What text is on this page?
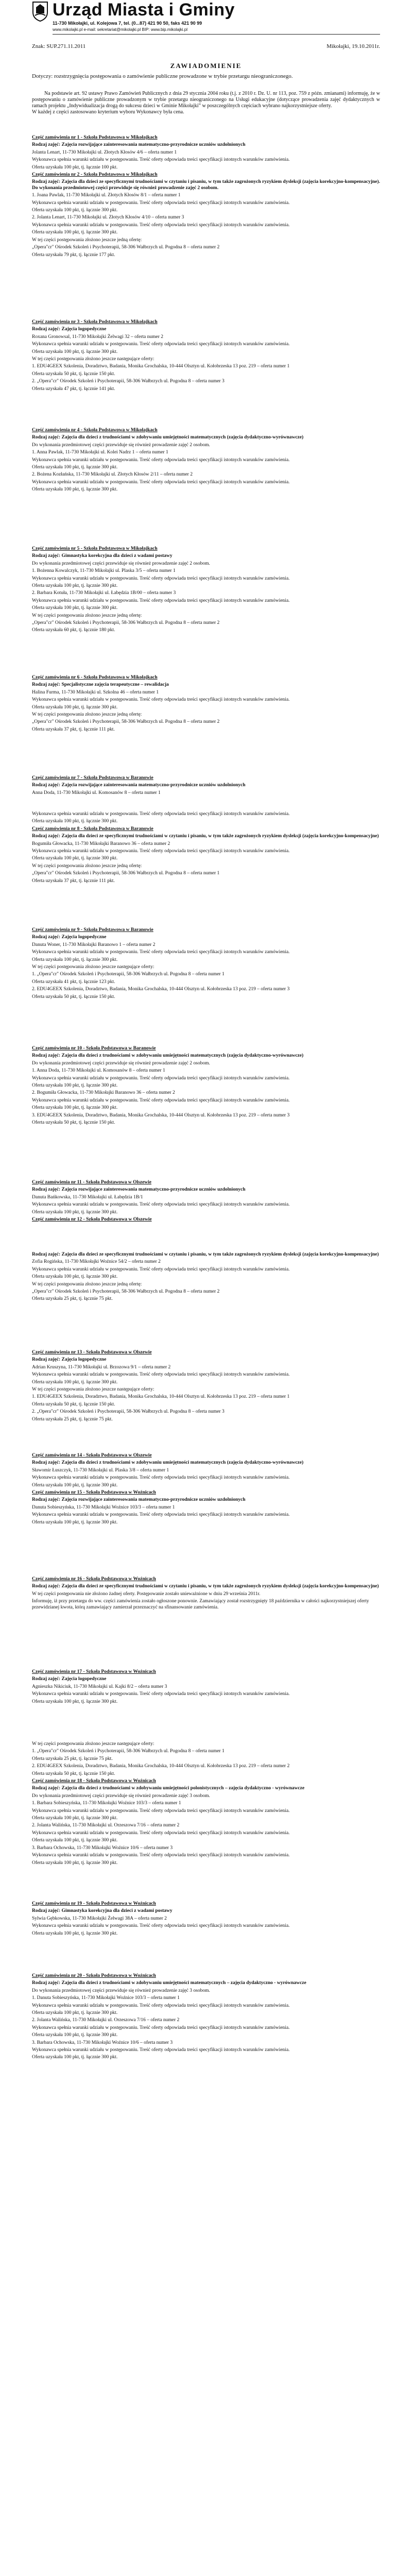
Urząd Miasta i Gminy
11-730 Mikołajki, ul. Kolejowa 7, tel. (0...87) 421 90 50, faks 421 90 99
www.mikolajki.pl e-mail: sekretariat@mikolajki.pl BIP: www.bip.mikolajki.pl
Znak: SUP.271.11.2011	Mikołajki, 19.10.2011r.
ZAWIADOMIENIE
Dotyczy: rozstrzygnięcia postępowania o zamówienie publiczne prowadzone w trybie przetargu nieograniczonego.
Na podstawie art. 92 ustawy Prawo Zamówień Publicznych z dnia 29 stycznia 2004 roku (t.j. z 2010 r. Dz. U. nr 113, poz. 759 z późn. zmianami) informuję, że w postępowaniu o zamówienie publiczne prowadzonym w trybie przetargu nieograniczonego na Usługi edukacyjne (dotyczące prowadzenia zajęć dydaktycznych w ramach projektu „Indywidualizacja drogą do sukcesu dzieci w Gminie Mikołajki” w poszczególnych częściach wybrano najkorzystniejsze oferty.
W każdej z części zastosowano kryterium wyboru Wykonawcy była cena.

Część zamówienia nr 1 - Szkoła Podstawowa w Mikołajkach

Rodzaj zajęć: Zajęcia rozwijające zainteresowania matematyczno-przyrodnicze uczniów uzdolnionych

Jolanta Lenart, 11-730 Mikołajki ul. Złotych Kłosów 4/6 – oferta numer 1

Wykonawca spełnia warunki udziału w postępowaniu. Treść oferty odpowiada treści specyfikacji istotnych warunków zamówienia.

Oferta uzyskała 100 pkt, tj. łącznie 100 pkt.

Część zamówienia nr 2 - Szkoła Podstawowa w Mikołajkach

Rodzaj zajęć: Zajęcia dla dzieci ze specyficznymi trudnościami w czytaniu i pisaniu, w tym także zagrożonych ryzykiem dysleksji (zajęcia korekcyjno-kompensacyjne). Do wykonania przedmiotowej części przewiduje się również prowadzenie zajęć 2 osobom.

1. Joana Pawlak, 11-730 Mikołajki ul. Złotych Kłosów 8/1 – oferta numer 1

Wykonawca spełnia warunki udziału w postępowaniu. Treść oferty odpowiada treści specyfikacji istotnych warunków zamówienia.

Oferta uzyskała 100 pkt, tj. łącznie 300 pkt.

2. Jolanta Lenart, 11-730 Mikołajki ul. Złotych Kłosów 4/10 – oferta numer 3

Wykonawca spełnia warunki udziału w postępowaniu. Treść oferty odpowiada treści specyfikacji istotnych warunków zamówienia.

Oferta uzyskała 100 pkt, tj. łącznie 300 pkt.

W tej części postępowania złożono jeszcze jedną ofertę:

„Opera"cr" Ośrodek Szkoleń i Psychoterapii, 58-306 Wałbrzych ul. Pogodna 8 – oferta numer 2

Oferta uzyskała 79 pkt, tj. łącznie 177 pkt.

Część zamówienia nr 3 - Szkoła Podstawowa w Mikołajkach

Rodzaj zajęć: Zajęcia logopedyczne

Roxana Gronowsal, 11-730 Mikołajki Żelwagi 32 – oferta numer 2

Wykonawca spełnia warunki udziału w postępowaniu. Treść oferty odpowiada treści specyfikacji istotnych warunków zamówienia.

Oferta uzyskała 100 pkt, tj. łącznie 300 pkt.

W tej części postępowania złożono jeszcze następujące oferty:

1. EDU4GEEX Szkolenia, Doradztwo, Badania, Monika Grochalska, 10-444 Olsztyn ul. Kołobrzeska 13 poz. 219 – oferta numer 1

Oferta uzyskała 50 pkt, tj. łącznie 150 pkt.

2. „Opera"cr" Ośrodek Szkoleń i Psychoterapii, 58-306 Wałbrzych ul. Pogodna 8 – oferta numer 3

Oferta uzyskała 47 pkt, tj. łącznie 141 pkt.

Część zamówienia nr 4 - Szkoła Podstawowa w Mikołajkach

Rodzaj zajęć: Zajęcia dla dzieci z trudnościami w zdobywaniu umiejętności matematycznych (zajęcia dydaktyczno-wyrównawcze)

Do wykonania przedmiotowej części przewiduje się również prowadzenie zajęć 2 osobom.

1. Anna Pawlak, 11-730 Mikołajki ul. Kolei Nadrz 1 – oferta numer 1

Wykonawca spełnia warunki udziału w postępowaniu. Treść oferty odpowiada treści specyfikacji istotnych warunków zamówienia.

Oferta uzyskała 100 pkt, tj. łącznie 300 pkt.

2. Bożena Kozłańska, 11-730 Mikołajki ul. Złotych Kłosów 2/11 – oferta numer 2

Wykonawca spełnia warunki udziału w postępowaniu. Treść oferty odpowiada treści specyfikacji istotnych warunków zamówienia.

Oferta uzyskała 100 pkt, tj. łącznie 300 pkt.

Część zamówienia nr 5 - Szkoła Podstawowa w Mikołajkach

Rodzaj zajęć: Gimnastyka korekcyjna dla dzieci z wadami postawy

Do wykonania przedmiotowej części przewiduje się również prowadzenie zajęć 2 osobom.

1. Bożenna Kowalczyk, 11-730 Mikołajki ul. Plaska 3/5 – oferta numer 1

Wykonawca spełnia warunki udziału w postępowaniu. Treść oferty odpowiada treści specyfikacji istotnych warunków zamówienia.

Oferta uzyskała 100 pkt, tj. łącznie 300 pkt.

2. Barbara Kotuła, 11-730 Mikołajki ul. Łabędzia 1B/00 – oferta numer 3

Wykonawca spełnia warunki udziału w postępowaniu. Treść oferty odpowiada treści specyfikacji istotnych warunków zamówienia.

Oferta uzyskała 100 pkt, tj. łącznie 300 pkt.

W tej części postępowania złożono jeszcze jedną ofertę:

„Opera"cr" Ośrodek Szkoleń i Psychoterapii, 58-306 Wałbrzych ul. Pogodna 8 – oferta numer 2

Oferta uzyskała 60 pkt, tj. łącznie 180 pkt.

Część zamówienia nr 6 - Szkoła Podstawowa w Mikołajkach

Rodzaj zajęć: Specjalistyczne zajęcia terapeutyczne – rewalidacja

Halina Furma, 11-730 Mikołajki ul. Szkolna 46 – oferta numer 1

Wykonawca spełnia warunki udziału w postępowaniu. Treść oferty odpowiada treści specyfikacji istotnych warunków zamówienia.

Oferta uzyskała 100 pkt, tj. łącznie 300 pkt.

W tej części postępowania złożono jeszcze jedną ofertę:

„Opera"cr" Ośrodek Szkoleń i Psychoterapii, 58-306 Wałbrzych ul. Pogodna 8 – oferta numer 2

Oferta uzyskała 37 pkt, tj. łącznie 111 pkt.

Część zamówienia nr 7 - Szkoła Podstawowa w Baranowie

Rodzaj zajęć: Zajęcia rozwijające zainteresowania matematyczno-przyrodnicze uczniów uzdolnionych

Anna Doda, 11-730 Mikołajki ul. Komosanów 8 – oferta numer 1

Wykonawca spełnia warunki udziału w postępowaniu. Treść oferty odpowiada treści specyfikacji istotnych warunków zamówienia.

Oferta uzyskała 100 pkt, tj. łącznie 300 pkt.

Część zamówienia nr 8 - Szkoła Podstawowa w Baranowie

Rodzaj zajęć: Zajęcia dla dzieci ze specyficznymi trudnościami w czytaniu i pisaniu, w tym także zagrożonych ryzykiem dysleksji (zajęcia korekcyjno-kompensacyjne)

Bogumiła Głowacka, 11-730 Mikołajki Baranowo 36 – oferta numer 2

Wykonawca spełnia warunki udziału w postępowaniu. Treść oferty odpowiada treści specyfikacji istotnych warunków zamówienia.

Oferta uzyskała 100 pkt, tj. łącznie 300 pkt.

W tej części postępowania złożono jeszcze jedną ofertę:

„Opera"cr" Ośrodek Szkoleń i Psychoterapii, 58-306 Wałbrzych ul. Pogodna 8 – oferta numer 1

Oferta uzyskała 37 pkt, tj. łącznie 111 pkt.

Część zamówienia nr 9 - Szkoła Podstawowa w Baranowie

Rodzaj zajęć: Zajęcia logopedyczne

Danuta Woner, 11-730 Mikołajki Baranowo 1 – oferta numer 2

Wykonawca spełnia warunki udziału w postępowaniu. Treść oferty odpowiada treści specyfikacji istotnych warunków zamówienia.

Oferta uzyskała 100 pkt, tj. łącznie 300 pkt.

W tej części postępowania złożono jeszcze następujące oferty:

1. „Opera"cr" Ośrodek Szkoleń i Psychoterapii, 58-306 Wałbrzych ul. Pogodna 8 – oferta numer 1

Oferta uzyskała 41 pkt, tj. łącznie 123 pkt.

2. EDU4GEEX Szkolenia, Doradztwo, Badania, Monika Grochalska, 10-444 Olsztyn ul. Kołobrzeska 13 poz. 219 – oferta numer 3

Oferta uzyskała 50 pkt, tj. łącznie 150 pkt.

Część zamówienia nr 10 - Szkoła Podstawowa w Baranowie

Rodzaj zajęć: Zajęcia dla dzieci z trudnościami w zdobywaniu umiejętności matematycznych (zajęcia dydaktyczno-wyrównawcze)

Do wykonania przedmiotowej części przewiduje się również prowadzenie zajęć 2 osobom.

1. Anna Doda, 11-730 Mikołajki ul. Komosanów 8 – oferta numer 1

Wykonawca spełnia warunki udziału w postępowaniu. Treść oferty odpowiada treści specyfikacji istotnych warunków zamówienia.

Oferta uzyskała 100 pkt, tj. łącznie 300 pkt.

2. Bogumiła Głowacka, 11-730 Mikołajki Baranowo 36 – oferta numer 2

Wykonawca spełnia warunki udziału w postępowaniu. Treść oferty odpowiada treści specyfikacji istotnych warunków zamówienia.

Oferta uzyskała 100 pkt, tj. łącznie 300 pkt.

3. EDU4GEEX Szkolenia, Doradztwo, Badania, Monika Grochalska, 10-444 Olsztyn ul. Kołobrzeska 13 poz. 219 – oferta numer 3

Oferta uzyskała 50 pkt, tj. łącznie 150 pkt.

Część zamówienia nr 11 - Szkoła Podstawowa w Olszewie

Rodzaj zajęć: Zajęcia rozwijające zainteresowania matematyczno-przyrodnicze uczniów uzdolnionych

Danuta Bańkowska, 11-730 Mikołajki ul. Łabędzia 1B/1

Wykonawca spełnia warunki udziału w postępowaniu. Treść oferty odpowiada treści specyfikacji istotnych warunków zamówienia.

Oferta uzyskała 100 pkt, tj. łącznie 300 pkt.

Część zamówienia nr 12 - Szkoła Podstawowa w Olszewie

Rodzaj zajęć: Zajęcia dla dzieci ze specyficznymi trudnościami w czytaniu i pisaniu, w tym także zagrożonych ryzykiem dysleksji (zajęcia korekcyjno-kompensacyjne)

Zofia Rogińska, 11-730 Mikołajki Woźnice 54/2 – oferta numer 2

Wykonawca spełnia warunki udziału w postępowaniu. Treść oferty odpowiada treści specyfikacji istotnych warunków zamówienia.

Oferta uzyskała 100 pkt, tj. łącznie 300 pkt.

W tej części postępowania złożono jeszcze jedną ofertę:

„Opera"cr" Ośrodek Szkoleń i Psychoterapii, 58-306 Wałbrzych ul. Pogodna 8 – oferta numer 2

Oferta uzyskała 25 pkt, tj. łącznie 75 pkt.

Część zamówienia nr 13 - Szkoła Podstawowa w Olszewie

Rodzaj zajęć: Zajęcia logopedyczne

Adrian Kruszyna, 11-730 Mikołajki ul. Brzozowa 9/1 – oferta numer 2

Wykonawca spełnia warunki udziału w postępowaniu. Treść oferty odpowiada treści specyfikacji istotnych warunków zamówienia.

Oferta uzyskała 100 pkt, tj. łącznie 300 pkt.

W tej części postępowania złożono jeszcze następujące oferty:

1. EDU4GEEX Szkolenia, Doradztwo, Badania, Monika Grochalska, 10-444 Olsztyn ul. Kołobrzeska 13 poz. 219 – oferta numer 1

Oferta uzyskała 50 pkt, tj. łącznie 150 pkt.

2. „Opera"cr" Ośrodek Szkoleń i Psychoterapii, 58-306 Wałbrzych ul. Pogodna 8 – oferta numer 3

Oferta uzyskała 25 pkt, tj. łącznie 75 pkt.

Część zamówienia nr 14 - Szkoła Podstawowa w Olszewie

Rodzaj zajęć: Zajęcia dla dzieci z trudnościami w zdobywaniu umiejętności matematycznych (zajęcia dydaktyczno-wyrównawcze)

Sławomir Łuszczyk, 11-730 Mikołajki ul. Plaska 3/8 – oferta numer 1

Wykonawca spełnia warunki udziału w postępowaniu. Treść oferty odpowiada treści specyfikacji istotnych warunków zamówienia.

Oferta uzyskała 100 pkt, tj. łącznie 300 pkt.

Część zamówienia nr 15 - Szkoła Podstawowa w Woźnicach

Rodzaj zajęć: Zajęcia rozwijające zainteresowania matematyczno-przyrodnicze uczniów uzdolnionych

Danuta Sobieszyńska, 11-730 Mikołajki Woźnice 103/3 – oferta numer 1

Wykonawca spełnia warunki udziału w postępowaniu. Treść oferty odpowiada treści specyfikacji istotnych warunków zamówienia.

Oferta uzyskała 100 pkt, tj. łącznie 300 pkt.

Część zamówienia nr 16 - Szkoła Podstawowa w Woźnicach

Rodzaj zajęć: Zajęcia dla dzieci ze specyficznymi trudnościami w czytaniu i pisaniu, w tym także zagrożonych ryzykiem dysleksji (zajęcia korekcyjno-kompensacyjne)

W tej części postępowania nie złożono żadnej oferty. Postępowanie zostało unieważnione w dniu 29 września 2011r.

Informuję, iż przy przetargu do ww. części zamówienia zostało ogłoszone ponownie. Zamawiający został rozstrzygnięty 18 października w całości najkorzystniejszej oferty przewidzianej kwota, którą zamawiający zamierzał przeznaczyć na sfinansowanie zamówienia.

Część zamówienia nr 17 - Szkoła Podstawowa w Woźnicach

Rodzaj zajęć: Zajęcia logopedyczne

Agnieszka Nikiciuk, 11-730 Mikołajki ul. Kajki 8/2 – oferta numer 3

Wykonawca spełnia warunki udziału w postępowaniu. Treść oferty odpowiada treści specyfikacji istotnych warunków zamówienia.

Oferta uzyskała 100 pkt, tj. łącznie 300 pkt.

W tej części postępowania złożono jeszcze następujące oferty:

1. „Opera"cr" Ośrodek Szkoleń i Psychoterapii, 58-306 Wałbrzych ul. Pogodna 8 – oferta numer 1

Oferta uzyskała 25 pkt, tj. łącznie 75 pkt.

2. EDU4GEEX Szkolenia, Doradztwo, Badania, Monika Grochalska, 10-444 Olsztyn ul. Kołobrzeska 13 poz. 219 – oferta numer 2

Oferta uzyskała 50 pkt, tj. łącznie 150 pkt.

Część zamówienia nr 18 - Szkoła Podstawowa w Woźnicach

Rodzaj zajęć: Zajęcia dla dzieci z trudnościami w zdobywaniu umiejętności polonistycznych – zajęcia dydaktyczno - wyrównawcze

Do wykonania przedmiotowej części przewiduje się również prowadzenie zajęć 3 osobom.

1. Barbara Sobieszyńska, 11-730 Mikołajki Woźnice 103/3 – oferta numer 1

Wykonawca spełnia warunki udziału w postępowaniu. Treść oferty odpowiada treści specyfikacji istotnych warunków zamówienia.

Oferta uzyskała 100 pkt, tj. łącznie 300 pkt.

2. Jolanta Walińska, 11-730 Mikołajki ul. Orzeszowa 7/16 – oferta numer 2

Wykonawca spełnia warunki udziału w postępowaniu. Treść oferty odpowiada treści specyfikacji istotnych warunków zamówienia.

Oferta uzyskała 100 pkt, tj. łącznie 300 pkt.

3. Barbara Ochowska, 11-730 Mikołajki Woźnice 10/6 – oferta numer 3

Wykonawca spełnia warunki udziału w postępowaniu. Treść oferty odpowiada treści specyfikacji istotnych warunków zamówienia.

Oferta uzyskała 100 pkt, tj. łącznie 300 pkt.

Część zamówienia nr 19 - Szkoła Podstawowa w Woźnicach

Rodzaj zajęć: Gimnastyka korekcyjna dla dzieci z wadami postawy

Sylwia Gębkowska, 11-730 Mikołajki Żelwagi 38A – oferta numer 2

Wykonawca spełnia warunki udziału w postępowaniu. Treść oferty odpowiada treści specyfikacji istotnych warunków zamówienia.

Oferta uzyskała 100 pkt, tj. łącznie 300 pkt.

Część zamówienia nr 20 - Szkoła Podstawowa w Woźnicach

Rodzaj zajęć: Zajęcia dla dzieci z trudnościami w zdobywaniu umiejętności matematycznych – zajęcia dydaktyczno - wyrównawcze

Do wykonania przedmiotowej części przewiduje się również prowadzenie zajęć 3 osobom.

1. Danuta Sobieszyńska, 11-730 Mikołajki Woźnice 103/3 – oferta numer 1

Wykonawca spełnia warunki udziału w postępowaniu. Treść oferty odpowiada treści specyfikacji istotnych warunków zamówienia.

Oferta uzyskała 100 pkt, tj. łącznie 300 pkt.

2. Jolanta Walińska, 11-730 Mikołajki ul. Orzeszowa 7/16 – oferta numer 2

Wykonawca spełnia warunki udziału w postępowaniu. Treść oferty odpowiada treści specyfikacji istotnych warunków zamówienia.

Oferta uzyskała 100 pkt, tj. łącznie 300 pkt.

3. Barbara Ochowska, 11-730 Mikołajki Woźnice 10/6 – oferta numer 3

Wykonawca spełnia warunki udziału w postępowaniu. Treść oferty odpowiada treści specyfikacji istotnych warunków zamówienia.

Oferta uzyskała 100 pkt, tj. łącznie 300 pkt.
